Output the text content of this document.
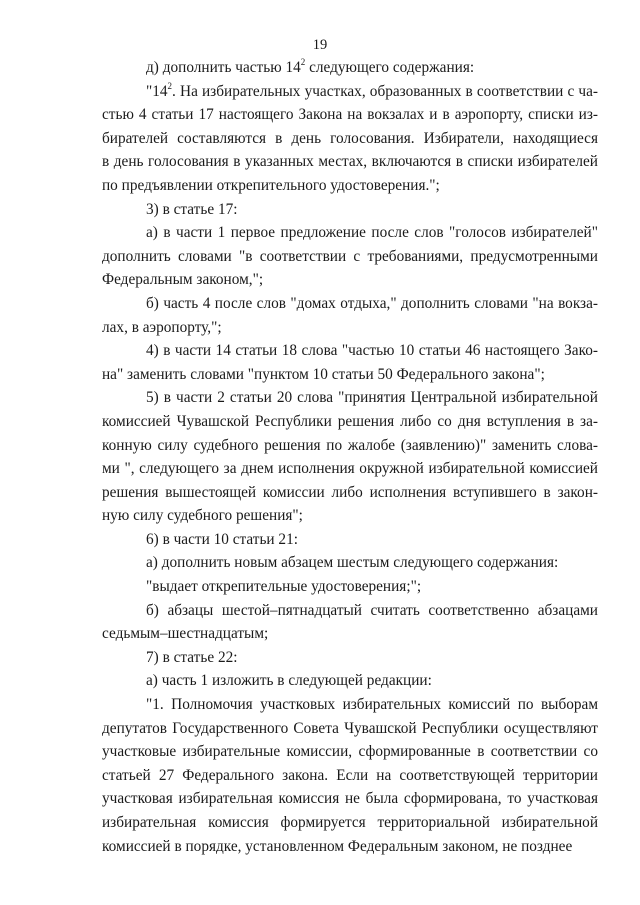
19
д) дополнить частью $14^2$ следующего содержания:
"$14^2$. На избирательных участках, образованных в соответствии с ча-
стью 4 статьи 17 настоящего Закона на вокзалах и в аэропорту, списки из-
бирателей составляются в день голосования. Избиратели, находящиеся
в день голосования в указанных местах, включаются в списки избирателей
по предъявлении открепительного удостоверения.";
3) в статье 17:
а) в части 1 первое предложение после слов "голосов избирателей"
дополнить словами "в соответствии с требованиями, предусмотренными
Федеральным законом,";
б) часть 4 после слов "домах отдыха," дополнить словами "на вокза-
лах, в аэропорту,";
4) в части 14 статьи 18 слова "частью 10 статьи 46 настоящего Зако-
на" заменить словами "пунктом 10 статьи 50 Федерального закона";
5) в части 2 статьи 20 слова "принятия Центральной избирательной
комиссией Чувашской Республики решения либо со дня вступления в за-
конную силу судебного решения по жалобе (заявлению)" заменить слова-
ми ", следующего за днем исполнения окружной избирательной комиссией
решения вышестоящей комиссии либо исполнения вступившего в закон-
ную силу судебного решения";
6) в части 10 статьи 21:
а) дополнить новым абзацем шестым следующего содержания:
"выдает открепительные удостоверения;";
б) абзацы шестой–пятнадцатый считать соответственно абзацами
седьмым–шестнадцатым;
7) в статье 22:
а) часть 1 изложить в следующей редакции:
"1. Полномочия участковых избирательных комиссий по выборам
депутатов Государственного Совета Чувашской Республики осуществляют
участковые избирательные комиссии, сформированные в соответствии со
статьей 27 Федерального закона. Если на соответствующей территории
участковая избирательная комиссия не была сформирована, то участковая
избирательная комиссия формируется территориальной избирательной
комиссией в порядке, установленном Федеральным законом, не позднее
